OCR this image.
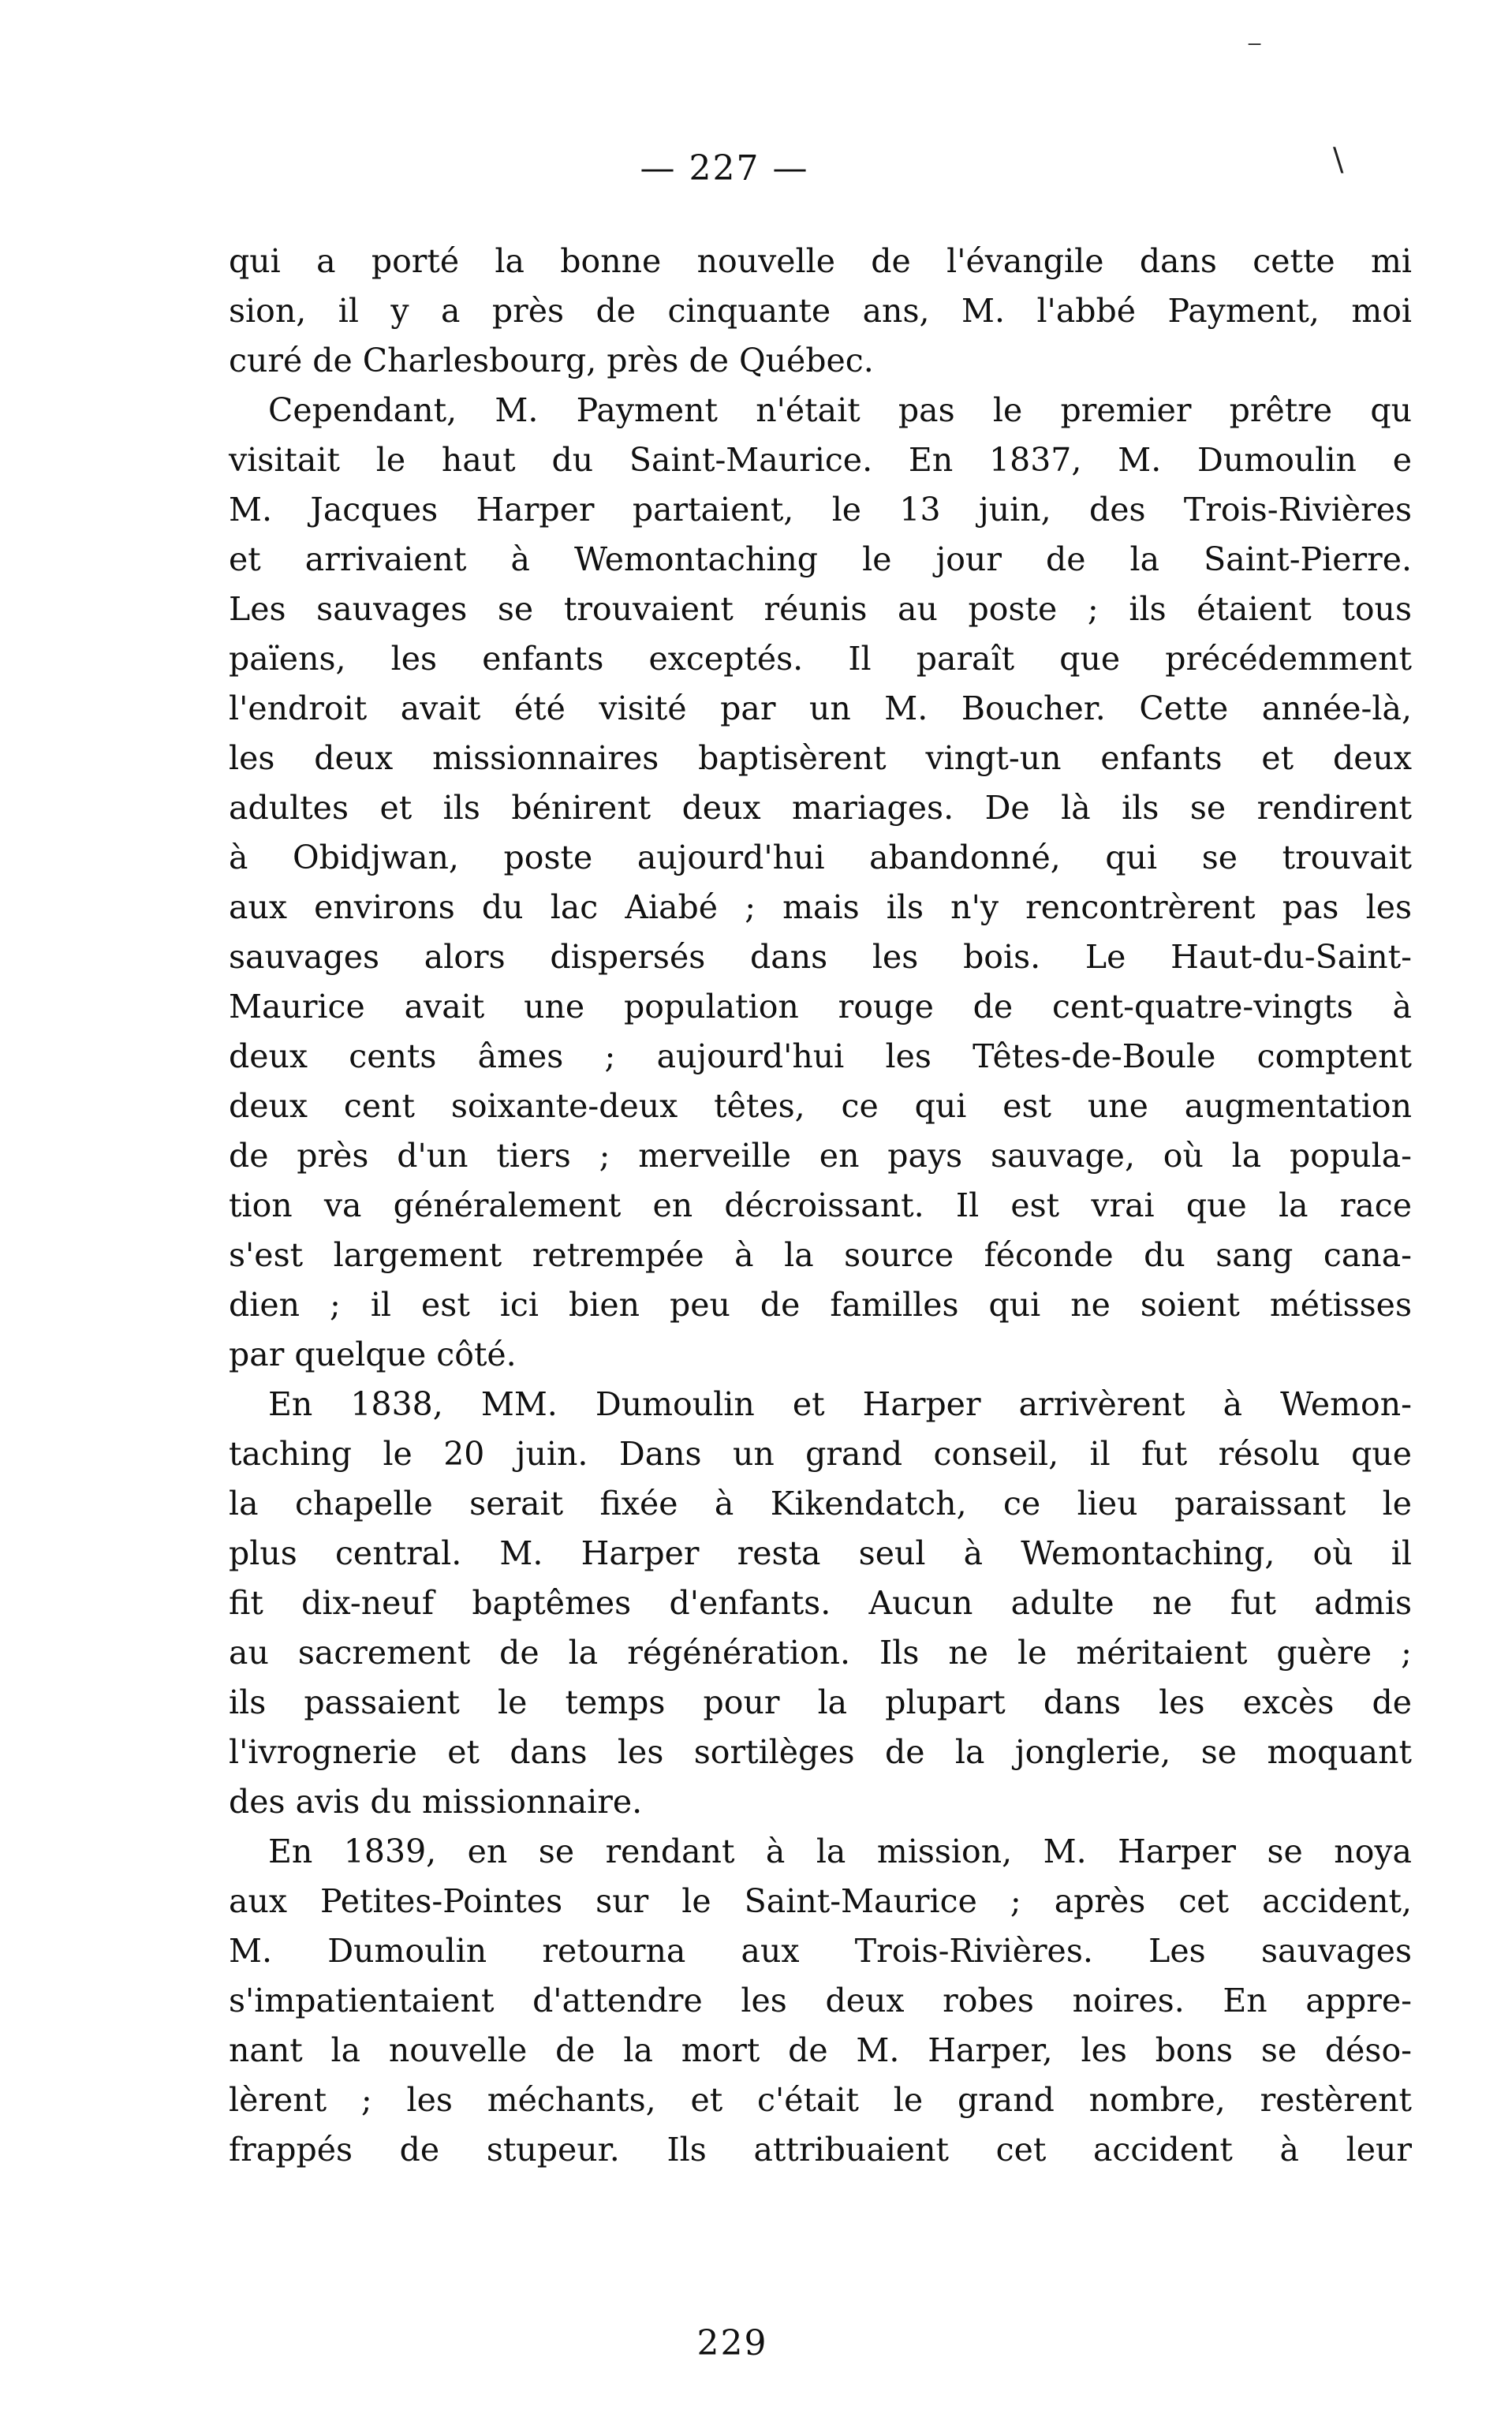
— 227 —
⁻
\
qui a porté la bonne nouvelle de l'évangile dans cette mi
sion, il y a près de cinquante ans, M. l'abbé Payment, moi
curé de Charlesbourg, près de Québec.
Cependant, M. Payment n'était pas le premier prêtre qu
visitait le haut du Saint-Maurice. En 1837, M. Dumoulin e
M. Jacques Harper partaient, le 13 juin, des Trois-Rivières
et arrivaient à Wemontaching le jour de la Saint-Pierre.
Les sauvages se trouvaient réunis au poste ; ils étaient tous
païens, les enfants exceptés. Il paraît que précédemment
l'endroit avait été visité par un M. Boucher. Cette année-là,
les deux missionnaires baptisèrent vingt-un enfants et deux
adultes et ils bénirent deux mariages. De là ils se rendirent
à Obidjwan, poste aujourd'hui abandonné, qui se trouvait
aux environs du lac Aiabé ; mais ils n'y rencontrèrent pas les
sauvages alors dispersés dans les bois. Le Haut-du-Saint-
Maurice avait une population rouge de cent-quatre-vingts à
deux cents âmes ; aujourd'hui les Têtes-de-Boule comptent
deux cent soixante-deux têtes, ce qui est une augmentation
de près d'un tiers ; merveille en pays sauvage, où la popula-
tion va généralement en décroissant. Il est vrai que la race
s'est largement retrempée à la source féconde du sang cana-
dien ; il est ici bien peu de familles qui ne soient métisses
par quelque côté.
En 1838, MM. Dumoulin et Harper arrivèrent à Wemon-
taching le 20 juin. Dans un grand conseil, il fut résolu que
la chapelle serait fixée à Kikendatch, ce lieu paraissant le
plus central. M. Harper resta seul à Wemontaching, où il
fit dix-neuf baptêmes d'enfants. Aucun adulte ne fut admis
au sacrement de la régénération. Ils ne le méritaient guère ;
ils passaient le temps pour la plupart dans les excès de
l'ivrognerie et dans les sortilèges de la jonglerie, se moquant
des avis du missionnaire.
En 1839, en se rendant à la mission, M. Harper se noya
aux Petites-Pointes sur le Saint-Maurice ; après cet accident,
M. Dumoulin retourna aux Trois-Rivières. Les sauvages
s'impatientaient d'attendre les deux robes noires. En appre-
nant la nouvelle de la mort de M. Harper, les bons se déso-
lèrent ; les méchants, et c'était le grand nombre, restèrent
frappés de stupeur. Ils attribuaient cet accident à leur
229
